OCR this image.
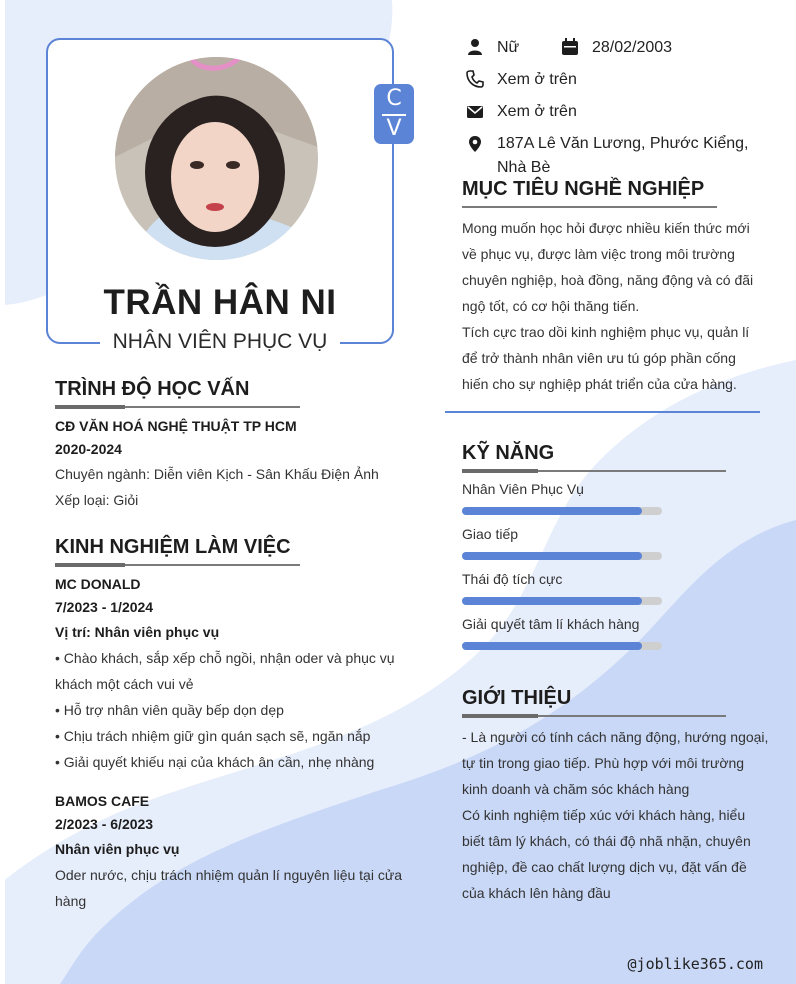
C
V
TRẦN HÂN NI
NHÂN VIÊN PHỤC VỤ
Nữ	28/02/2003
Xem ở trên
Xem ở trên
187A Lê Văn Lương, Phước Kiểng,
Nhà Bè
MỤC TIÊU NGHỀ NGHIỆP
Mong muốn học hỏi được nhiều kiến thức mới
về phục vụ, được làm việc trong môi trường
chuyên nghiệp, hoà đồng, năng động và có đãi
ngộ tốt, có cơ hội thăng tiến.
Tích cực trao dồi kinh nghiệm phục vụ, quản lí
để trở thành nhân viên ưu tú góp phần cống
hiến cho sự nghiệp phát triển của cửa hàng.
KỸ NĂNG
Nhân Viên Phục Vụ
Giao tiếp
Thái độ tích cực
Giải quyết tâm lí khách hàng
GIỚI THIỆU
- Là người có tính cách năng động, hướng ngoại,
tự tin trong giao tiếp. Phù hợp với môi trường
kinh doanh và chăm sóc khách hàng
Có kinh nghiệm tiếp xúc với khách hàng, hiểu
biết tâm lý khách, có thái độ nhã nhặn, chuyên
nghiệp, đề cao chất lượng dịch vụ, đặt vấn đề
của khách lên hàng đầu
TRÌNH ĐỘ HỌC VẤN
CĐ VĂN HOÁ NGHỆ THUẬT TP HCM
2020-2024
Chuyên ngành: Diễn viên Kịch - Sân Khấu Điện Ảnh
Xếp loại: Giỏi
KINH NGHIỆM LÀM VIỆC
MC DONALD
7/2023 - 1/2024
Vị trí: Nhân viên phục vụ
• Chào khách, sắp xếp chỗ ngồi, nhận oder và phục vụ
khách một cách vui vẻ
• Hỗ trợ nhân viên quầy bếp dọn dẹp
• Chịu trách nhiệm giữ gìn quán sạch sẽ, ngăn nắp
• Giải quyết khiếu nại của khách ân cần, nhẹ nhàng
BAMOS CAFE
2/2023 - 6/2023
Nhân viên phục vụ
Oder nước, chịu trách nhiệm quản lí nguyên liệu tại cửa
hàng
@joblike365.com
